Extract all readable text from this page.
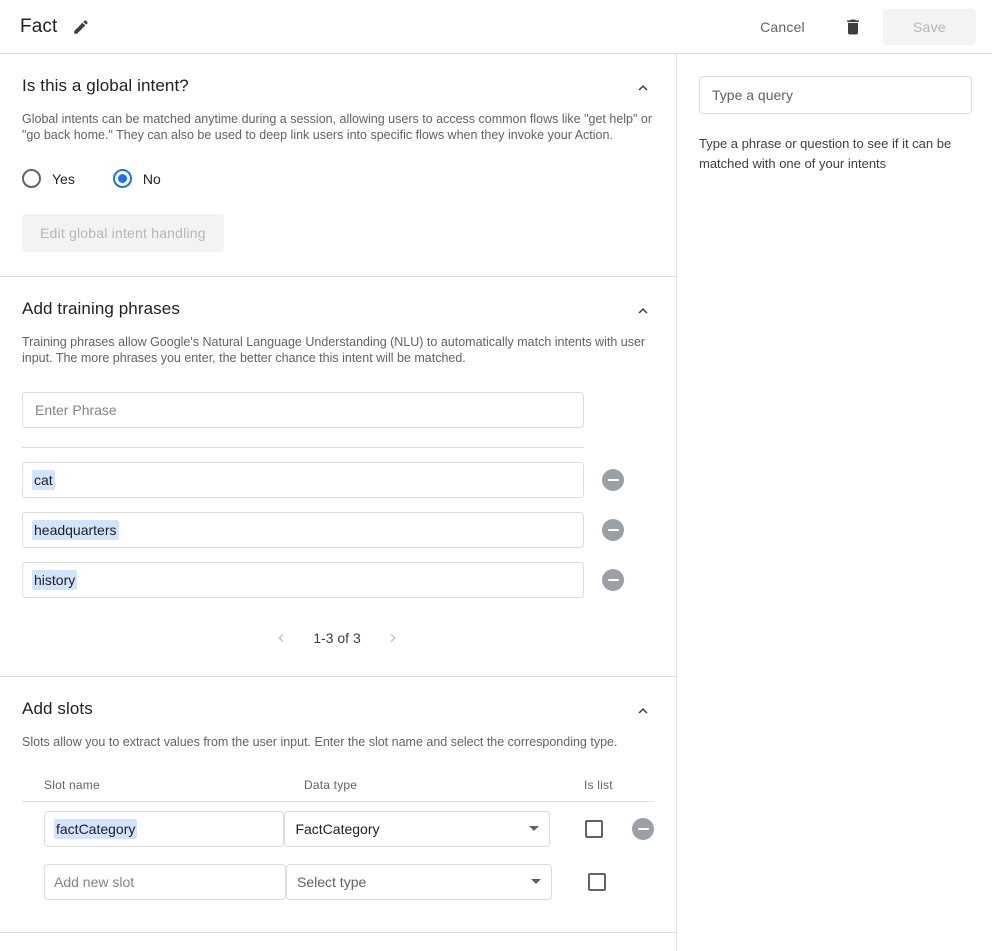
Fact	Cancel	Save
Is this a global intent?
Global intents can be matched anytime during a session, allowing users to access common flows like "get help" or "go back home." They can also be used to deep link users into specific flows when they invoke your Action.
Yes	No
Edit global intent handling
Add training phrases
Training phrases allow Google's Natural Language Understanding (NLU) to automatically match intents with user input. The more phrases you enter, the better chance this intent will be matched.
Enter Phrase
cat
headquarters
history
1-3 of 3
Add slots
Slots allow you to extract values from the user input. Enter the slot name and select the corresponding type.
Slot name	Data type	Is list
factCategory	FactCategory
Add new slot	Select type
Type a query
Type a phrase or question to see if it can be matched with one of your intents
